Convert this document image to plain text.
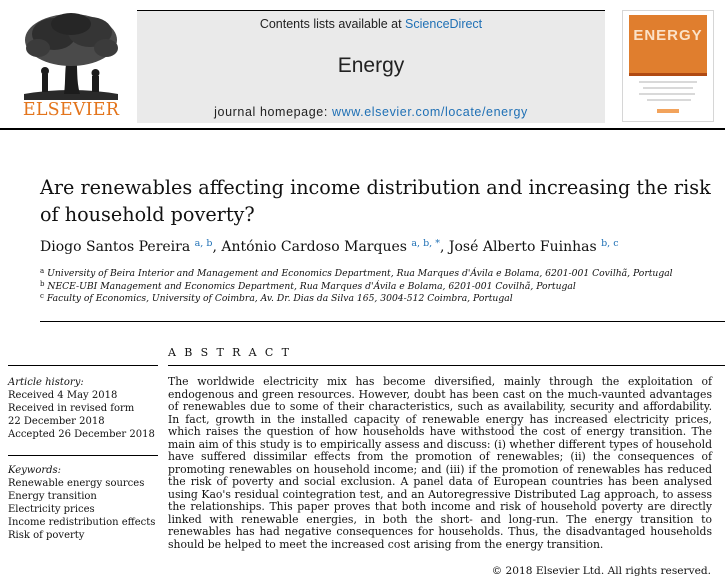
ELSEVIER
Contents lists available at ScienceDirect
Energy
journal homepage: www.elsevier.com/locate/energy
ENERGY
Are renewables affecting income distribution and increasing the risk of household poverty?
Diogo Santos Pereira $^{a, b}$, António Cardoso Marques $^{a, b, *}$, José Alberto Fuinhas $^{b, c}$
$^a$ University of Beira Interior and Management and Economics Department, Rua Marques d'Ávila e Bolama, 6201-001 Covilhã, Portugal
$^b$ NECE-UBI Management and Economics Department, Rua Marques d'Ávila e Bolama, 6201-001 Covilhã, Portugal
$^c$ Faculty of Economics, University of Coimbra, Av. Dr. Dias da Silva 165, 3004-512 Coimbra, Portugal
Article history:
Received 4 May 2018
Received in revised form
22 December 2018
Accepted 26 December 2018
Keywords:
Renewable energy sources
Energy transition
Electricity prices
Income redistribution effects
Risk of poverty
A B S T R A C T
The worldwide electricity mix has become diversified, mainly through the exploitation of endogenous and green resources. However, doubt has been cast on the much-vaunted advantages of renewables due to some of their characteristics, such as availability, security and affordability. In fact, growth in the installed capacity of renewable energy has increased electricity prices, which raises the question of how households have withstood the cost of energy transition. The main aim of this study is to empirically assess and discuss: (i) whether different types of household have suffered dissimilar effects from the promotion of renewables; (ii) the consequences of promoting renewables on household income; and (iii) if the promotion of renewables has reduced the risk of poverty and social exclusion. A panel data of European countries has been analysed using Kao's residual cointegration test, and an Autoregressive Distributed Lag approach, to assess the relationships. This paper proves that both income and risk of household poverty are directly linked with renewable energies, in both the short- and long-run. The energy transition to renewables has had negative consequences for households. Thus, the disadvantaged households should be helped to meet the increased cost arising from the energy transition.
© 2018 Elsevier Ltd. All rights reserved.
